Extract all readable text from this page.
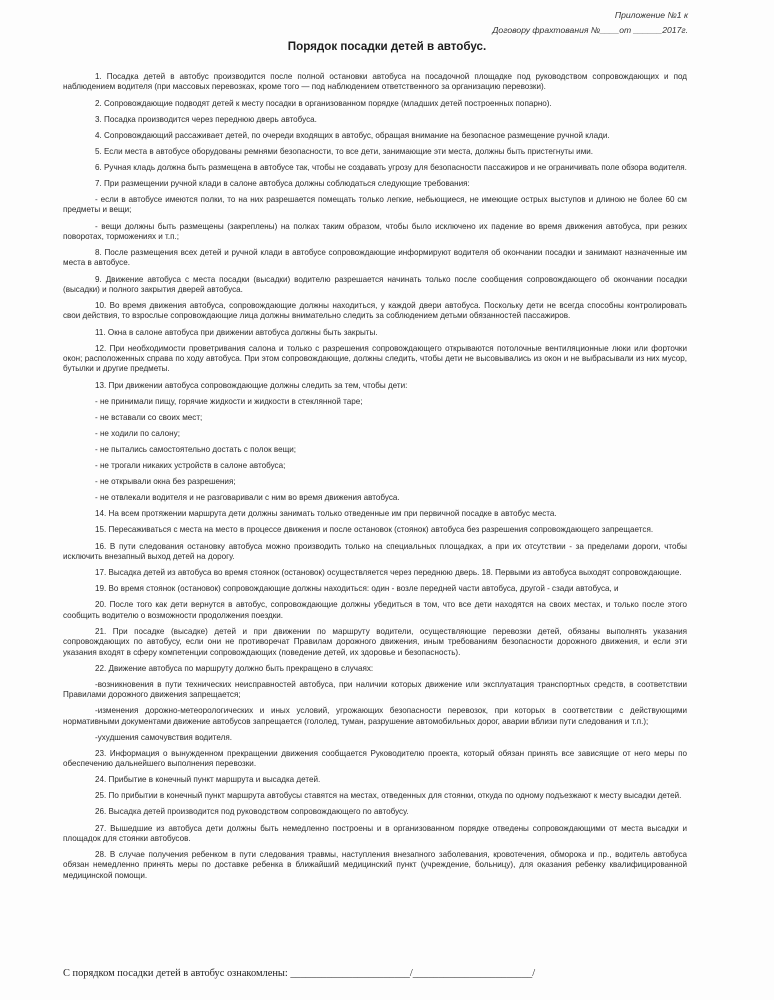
Приложение №1 к
Договору фрахтования №____от ______2017г.
Порядок посадки детей в автобус.

1. Посадка детей в автобус производится после полной остановки автобуса на посадочной площадке под руководством сопровождающих и под наблюдением водителя (при массовых перевозках, кроме того — под наблюдением ответственного за организацию перевозки).

2. Сопровождающие подводят детей к месту посадки в организованном порядке (младших детей построенных попарно).

3. Посадка производится через переднюю дверь автобуса.

4. Сопровождающий рассаживает детей, по очереди входящих в автобус, обращая внимание на безопасное размещение ручной клади.

5. Если места в автобусе оборудованы ремнями безопасности, то все дети, занимающие эти места, должны быть пристегнуты ими.

6. Ручная кладь должна быть размещена в автобусе так, чтобы не создавать угрозу для безопасности пассажиров и не ограничивать поле обзора водителя.

7. При размещении ручной клади в салоне автобуса должны соблюдаться следующие требования:

- если в автобусе имеются полки, то на них разрешается помещать только легкие, небьющиеся, не имеющие острых выступов и длиною не более 60 см предметы и вещи;

- вещи должны быть размещены (закреплены) на полках таким образом, чтобы было исключено их падение во время движения автобуса, при резких поворотах, торможениях и т.п.;

8. После размещения всех детей и ручной клади в автобусе сопровождающие информируют водителя об окончании посадки и занимают назначенные им места в автобусе.

9. Движение автобуса с места посадки (высадки) водителю разрешается начинать только после сообщения сопровождающего об окончании посадки (высадки) и полного закрытия дверей автобуса.

10. Во время движения автобуса, сопровождающие должны находиться, у каждой двери автобуса. Поскольку дети не всегда способны контролировать свои действия, то взрослые сопровождающие лица должны внимательно следить за соблюдением детьми обязанностей пассажиров.

11. Окна в салоне автобуса при движении автобуса должны быть закрыты.

12. При необходимости проветривания салона и только с разрешения сопровождающего открываются потолочные вентиляционные люки или форточки окон; расположенных справа по ходу автобуса. При этом сопровождающие, должны следить, чтобы дети не высовывались из окон и не выбрасывали из них мусор, бутылки и другие предметы.

13. При движении автобуса сопровождающие должны следить за тем, чтобы дети:

- не принимали пищу, горячие жидкости и жидкости в стеклянной таре;

- не вставали со своих мест;

- не ходили по салону;

- не пытались самостоятельно достать с полок вещи;

- не трогали никаких устройств в салоне автобуса;

- не открывали окна без разрешения;

- не отвлекали водителя и не разговаривали с ним во время движения автобуса.

14. На всем протяжении маршрута дети должны занимать только отведенные им при первичной посадке в автобус места.

15. Пересаживаться с места на место в процессе движения и после остановок (стоянок) автобуса без разрешения сопровождающего запрещается.

16. В пути следования остановку автобуса можно производить только на специальных площадках, а при их отсутствии - за пределами дороги, чтобы исключить внезапный выход детей на дорогу.

17. Высадка детей из автобуса во время стоянок (остановок) осуществляется через переднюю дверь. 18. Первыми из автобуса выходят сопровождающие.

19. Во время стоянок (остановок) сопровождающие должны находиться: один - возле передней части автобуса, другой - сзади автобуса, и

20. После того как дети вернутся в автобус, сопровождающие должны убедиться в том, что все дети находятся на своих местах, и только после этого сообщить водителю о возможности продолжения поездки.

21. При посадке (высадке) детей и при движении по маршруту водители, осуществляющие перевозки детей, обязаны выполнять указания сопровождающих по автобусу, если они не противоречат Правилам дорожного движения, иным требованиям безопасности дорожного движения, и если эти указания входят в сферу компетенции сопровождающих (поведение детей, их здоровье и безопасность).

22. Движение автобуса по маршруту должно быть прекращено в случаях:

-возникновения в пути технических неисправностей автобуса, при наличии которых движение или эксплуатация транспортных средств, в соответствии Правилами дорожного движения запрещается;

-изменения дорожно-метеорологических и иных условий, угрожающих безопасности перевозок, при которых в соответствии с действующими нормативными документами движение автобусов запрещается (гололед, туман, разрушение автомобильных дорог, аварии вблизи пути следования и т.п.);

-ухудшения самочувствия водителя.

23. Информация о вынужденном прекращении движения сообщается Руководителю проекта, который обязан принять все зависящие от него меры по обеспечению дальнейшего выполнения перевозки.

24. Прибытие в конечный пункт маршрута и высадка детей.

25. По прибытии в конечный пункт маршрута автобусы ставятся на местах, отведенных для стоянки, откуда по одному подъезжают к месту высадки детей.

26. Высадка детей производится под руководством сопровождающего по автобусу.

27. Вышедшие из автобуса дети должны быть немедленно построены и в организованном порядке отведены сопровождающими от места высадки и площадок для стоянки автобусов.

28. В случае получения ребенком в пути следования травмы, наступления внезапного заболевания, кровотечения, обморока и пр., водитель автобуса обязан немедленно принять меры по доставке ребенка в ближайший медицинский пункт (учреждение, больницу), для оказания ребенку квалифицированной медицинской помощи.

С порядком посадки детей в автобус ознакомлены: _______________________/_______________________/
